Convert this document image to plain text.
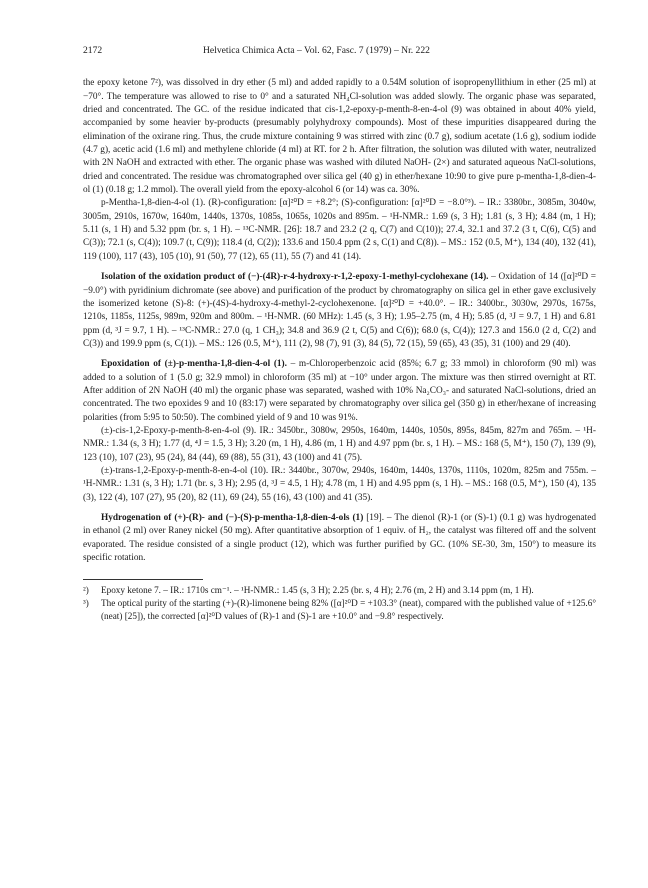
2172	Helvetica Chimica Acta – Vol. 62, Fasc. 7 (1979) – Nr. 222

the epoxy ketone 7²), was dissolved in dry ether (5 ml) and added rapidly to a 0.54M solution of isopropenyllithium in ether (25 ml) at −70°. The temperature was allowed to rise to 0° and a saturated NH₄Cl-solution was added slowly. The organic phase was separated, dried and concentrated. The GC. of the residue indicated that cis-1,2-epoxy-p-menth-8-en-4-ol (9) was obtained in about 40% yield, accompanied by some heavier by-products (presumably polyhydroxy compounds). Most of these impurities disappeared during the elimination of the oxirane ring. Thus, the crude mixture containing 9 was stirred with zinc (0.7 g), sodium acetate (1.6 g), sodium iodide (4.7 g), acetic acid (1.6 ml) and methylene chloride (4 ml) at RT. for 2 h. After filtration, the solution was diluted with water, neutralized with 2N NaOH and extracted with ether. The organic phase was washed with diluted NaOH- (2×) and saturated aqueous NaCl-solutions, dried and concentrated. The residue was chromatographed over silica gel (40 g) in ether/hexane 10:90 to give pure p-mentha-1,8-dien-4-ol (1) (0.18 g; 1.2 mmol). The overall yield from the epoxy-alcohol 6 (or 14) was ca. 30%.

p-Mentha-1,8-dien-4-ol (1). (R)-configuration: [α]²⁰D = +8.2°; (S)-configuration: [α]²⁰D = −8.0°³). – IR.: 3380br., 3085m, 3040w, 3005m, 2910s, 1670w, 1640m, 1440s, 1370s, 1085s, 1065s, 1020s and 895m. – ¹H-NMR.: 1.69 (s, 3 H); 1.81 (s, 3 H); 4.84 (m, 1 H); 5.11 (s, 1 H) and 5.32 ppm (br. s, 1 H). – ¹³C-NMR. [26]: 18.7 and 23.2 (2 q, C(7) and C(10)); 27.4, 32.1 and 37.2 (3 t, C(6), C(5) and C(3)); 72.1 (s, C(4)); 109.7 (t, C(9)); 118.4 (d, C(2)); 133.6 and 150.4 ppm (2 s, C(1) and C(8)). – MS.: 152 (0.5, M⁺), 134 (40), 132 (41), 119 (100), 117 (43), 105 (10), 91 (50), 77 (12), 65 (11), 55 (7) and 41 (14).

Isolation of the oxidation product of (−)-(4R)-r-4-hydroxy-r-1,2-epoxy-1-methyl-cyclohexane (14). – Oxidation of 14 ([α]²⁰D = −9.0°) with pyridinium dichromate (see above) and purification of the product by chromatography on silica gel in ether gave exclusively the isomerized ketone (S)-8: (+)-(4S)-4-hydroxy-4-methyl-2-cyclohexenone. [α]²⁰D = +40.0°. – IR.: 3400br., 3030w, 2970s, 1675s, 1210s, 1185s, 1125s, 989m, 920m and 800m. – ¹H-NMR. (60 MHz): 1.45 (s, 3 H); 1.95–2.75 (m, 4 H); 5.85 (d, ³J = 9.7, 1 H) and 6.81 ppm (d, ³J = 9.7, 1 H). – ¹³C-NMR.: 27.0 (q, 1 CH₃); 34.8 and 36.9 (2 t, C(5) and C(6)); 68.0 (s, C(4)); 127.3 and 156.0 (2 d, C(2) and C(3)) and 199.9 ppm (s, C(1)). – MS.: 126 (0.5, M⁺), 111 (2), 98 (7), 91 (3), 84 (5), 72 (15), 59 (65), 43 (35), 31 (100) and 29 (40).

Epoxidation of (±)-p-mentha-1,8-dien-4-ol (1). – m-Chloroperbenzoic acid (85%; 6.7 g; 33 mmol) in chloroform (90 ml) was added to a solution of 1 (5.0 g; 32.9 mmol) in chloroform (35 ml) at −10° under argon. The mixture was then stirred overnight at RT. After addition of 2N NaOH (40 ml) the organic phase was separated, washed with 10% Na₂CO₃- and saturated NaCl-solutions, dried an concentrated. The two epoxides 9 and 10 (83:17) were separated by chromatography over silica gel (350 g) in ether/hexane of increasing polarities (from 5:95 to 50:50). The combined yield of 9 and 10 was 91%.

(±)-cis-1,2-Epoxy-p-menth-8-en-4-ol (9). IR.: 3450br., 3080w, 2950s, 1640m, 1440s, 1050s, 895s, 845m, 827m and 765m. – ¹H-NMR.: 1.34 (s, 3 H); 1.77 (d, ⁴J = 1.5, 3 H); 3.20 (m, 1 H), 4.86 (m, 1 H) and 4.97 ppm (br. s, 1 H). – MS.: 168 (5, M⁺), 150 (7), 139 (9), 123 (10), 107 (23), 95 (24), 84 (44), 69 (88), 55 (31), 43 (100) and 41 (75).

(±)-trans-1,2-Epoxy-p-menth-8-en-4-ol (10). IR.: 3440br., 3070w, 2940s, 1640m, 1440s, 1370s, 1110s, 1020m, 825m and 755m. – ¹H-NMR.: 1.31 (s, 3 H); 1.71 (br. s, 3 H); 2.95 (d, ³J = 4.5, 1 H); 4.78 (m, 1 H) and 4.95 ppm (s, 1 H). – MS.: 168 (0.5, M⁺), 150 (4), 135 (3), 122 (4), 107 (27), 95 (20), 82 (11), 69 (24), 55 (16), 43 (100) and 41 (35).

Hydrogenation of (+)-(R)- and (−)-(S)-p-mentha-1,8-dien-4-ols (1) [19]. – The dienol (R)-1 (or (S)-1) (0.1 g) was hydrogenated in ethanol (2 ml) over Raney nickel (50 mg). After quantitative absorption of 1 equiv. of H₂, the catalyst was filtered off and the solvent evaporated. The residue consisted of a single product (12), which was further purified by GC. (10% SE-30, 3m, 150°) to measure its specific rotation.

²)	Epoxy ketone 7. – IR.: 1710s cm⁻¹. – ¹H-NMR.: 1.45 (s, 3 H); 2.25 (br. s, 4 H); 2.76 (m, 2 H) and 3.14 ppm (m, 1 H).
³)	The optical purity of the starting (+)-(R)-limonene being 82% ([α]²⁰D = +103.3° (neat), compared with the published value of +125.6° (neat) [25]), the corrected [α]²⁰D values of (R)-1 and (S)-1 are +10.0° and −9.8° respectively.
